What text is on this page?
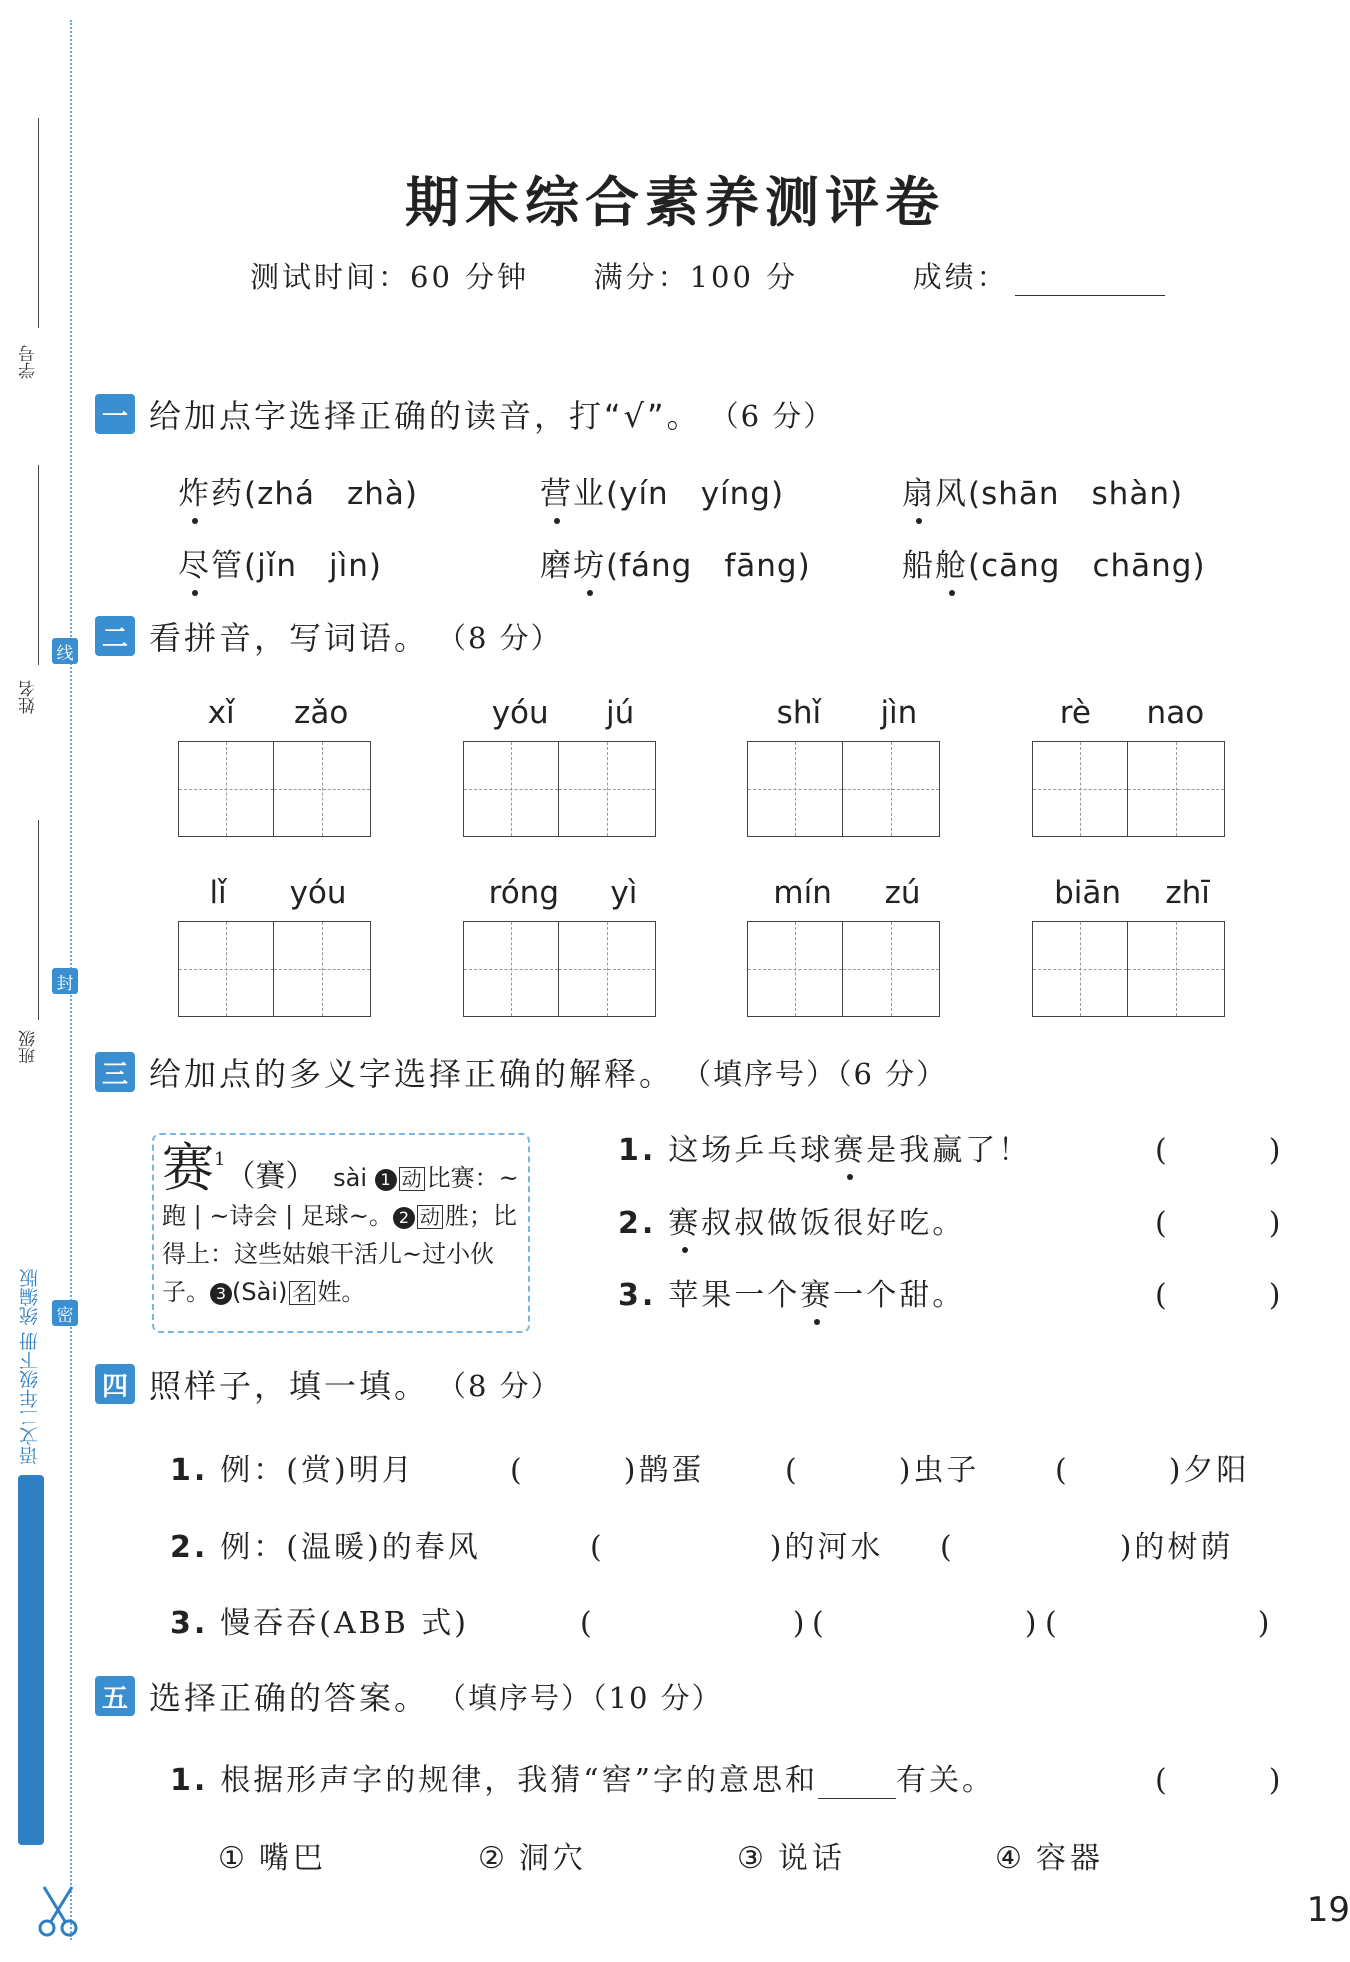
学号
姓名
班级
线
封
密
语文二年级下册 统编版
期末综合素养测评卷
测试时间：60 分钟 满分：100 分	成绩：
一 给加点字选择正确的读音，打“√”。 （6 分）
炸药(zhá　zhà)	营业(yín　yíng)	扇风(shān　shàn)
尽管(jǐn　jìn)	磨坊(fáng　fāng)	船舱(cāng　chāng)
二 看拼音，写词语。 （8 分）
xǐ zǎo	yóu jú	shǐ jìn	rè nao
lǐ yóu	róng yì	mín zú	biān zhī
三 给加点的多义字选择正确的解释。 （填序号）（6 分）
赛$^1$（賽） sài 1 动 比赛：~跑 | ~诗会 | 足球~。 2 动 胜；比得上：这些姑娘干活儿~过小伙子。 3 (Sài) 名 姓。
1. 这场乒乓球赛是我赢了！	(　　　)
2. 赛叔叔做饭很好吃。	(　　　)
3. 苹果一个赛一个甜。	(　　　)
四 照样子，填一填。 （8 分）
1. 例：(赏)明月	(　　　)鹊蛋	(　　　)虫子	(　　　)夕阳
2. 例：(温暖)的春风	(　　　　　)的河水 (　　　　　)的树荫
3. 慢吞吞(ABB 式)	(　　　　　　) (　　　　　　) (　　　　　　)
五 选择正确的答案。 （填序号）（10 分）
1. 根据形声字的规律，我猜“窖”字的意思和	有关。	(　　　)
① 嘴巴	② 洞穴	③ 说话	④ 容器
19
